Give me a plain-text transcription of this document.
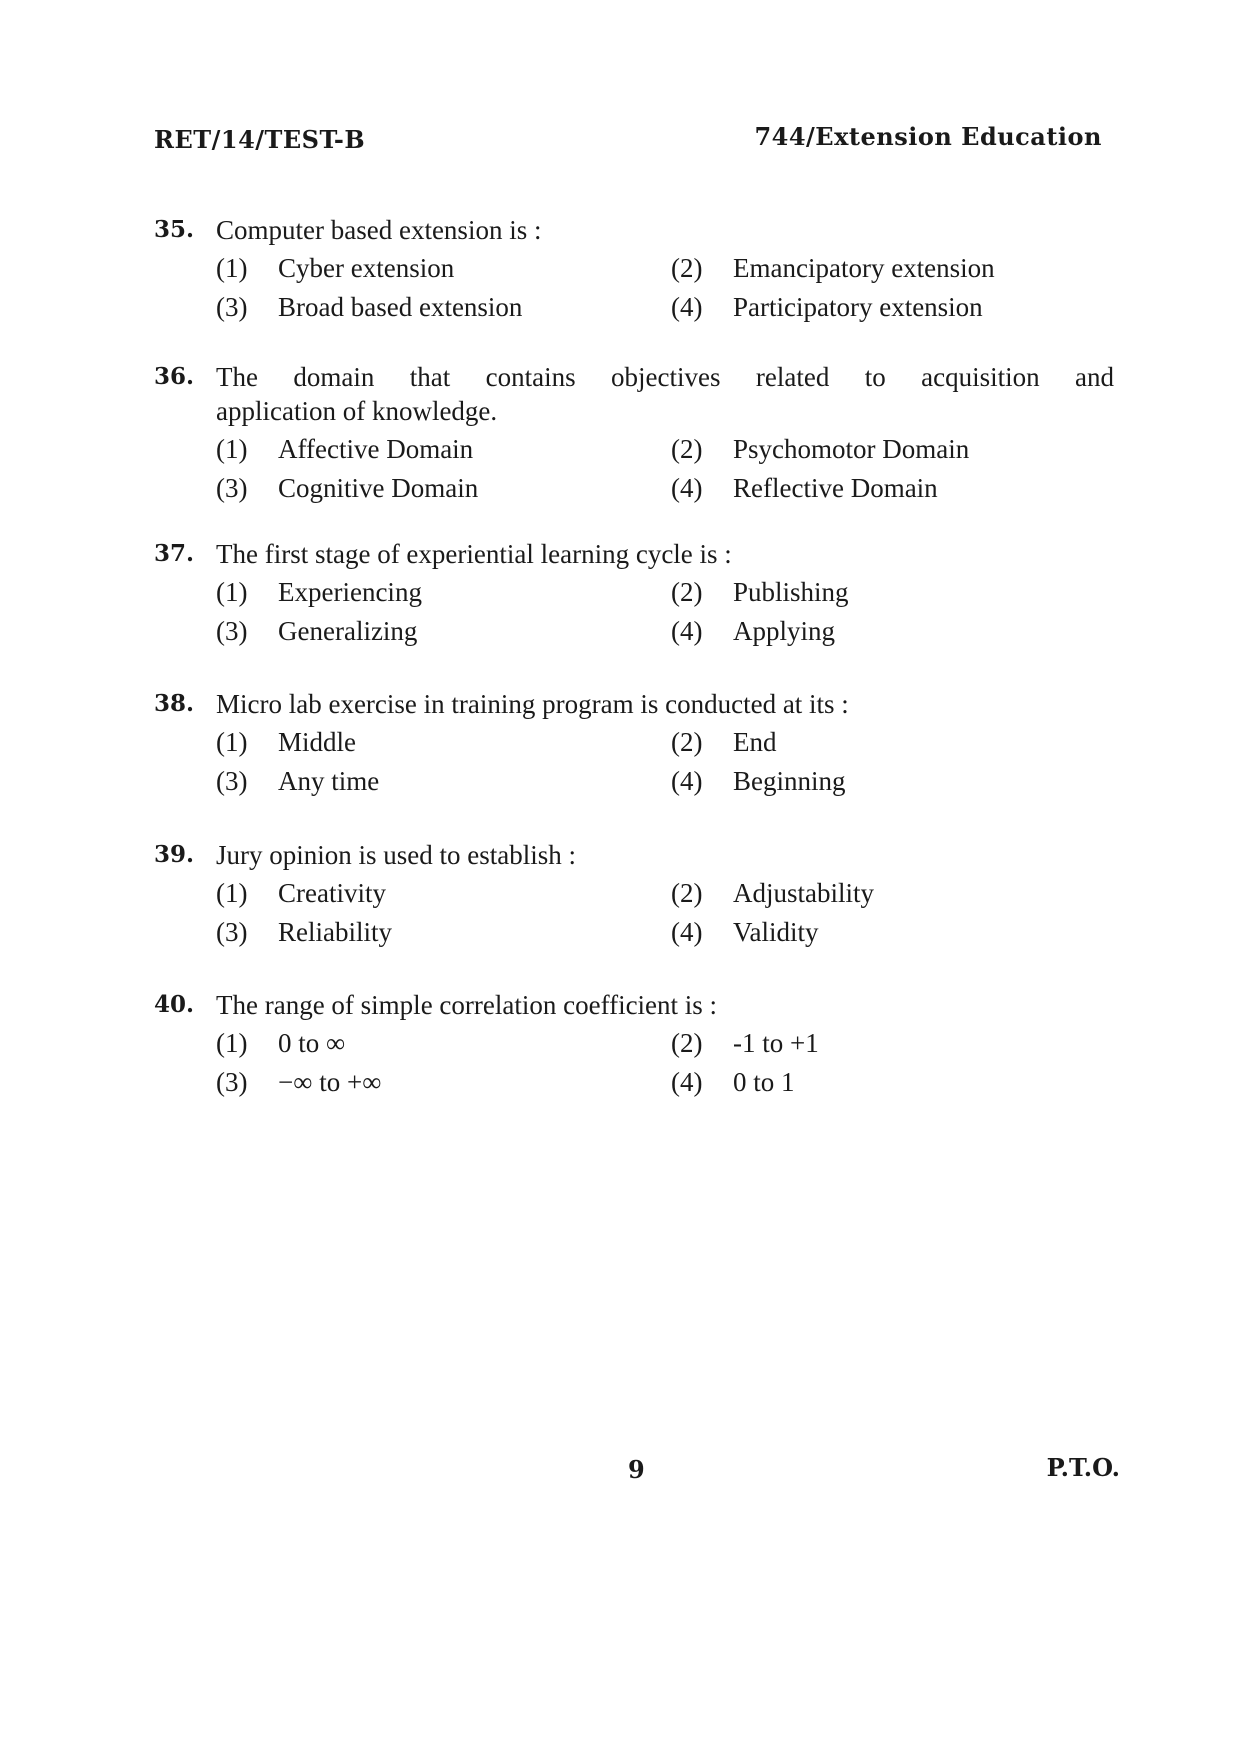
RET/14/TEST-B	744/Extension Education
35. Computer based extension is :
(1)	Cyber extension	(2)	Emancipatory extension
(3)	Broad based extension	(4)	Participatory extension
36. The domain that contains objectives related to acquisition and
application of knowledge.
(1)	Affective Domain	(2)	Psychomotor Domain
(3)	Cognitive Domain	(4)	Reflective Domain
37. The first stage of experiential learning cycle is :
(1)	Experiencing	(2)	Publishing
(3)	Generalizing	(4)	Applying
38. Micro lab exercise in training program is conducted at its :
(1)	Middle	(2)	End
(3)	Any time	(4)	Beginning
39. Jury opinion is used to establish :
(1)	Creativity	(2)	Adjustability
(3)	Reliability	(4)	Validity
40. The range of simple correlation coefficient is :
(1)	0 to ∞	(2)	-1 to +1
(3)	−∞ to +∞	(4)	0 to 1
9	P.T.O.
